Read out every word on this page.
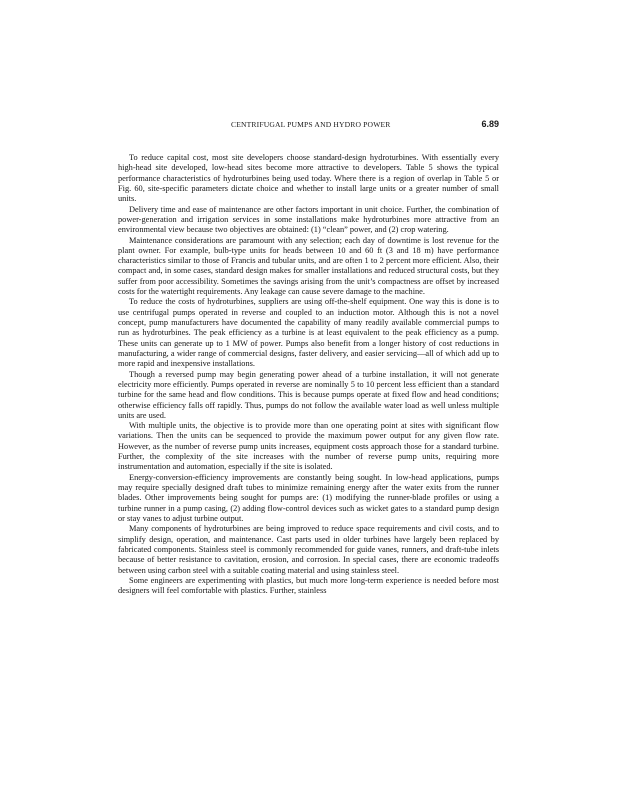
CENTRIFUGAL PUMPS AND HYDRO POWER	6.89

To reduce capital cost, most site developers choose standard-design hydroturbines. With essentially every high-head site developed, low-head sites become more attractive to developers. Table 5 shows the typical performance characteristics of hydroturbines being used today. Where there is a region of overlap in Table 5 or Fig. 60, site-specific parameters dictate choice and whether to install large units or a greater number of small units.

Delivery time and ease of maintenance are other factors important in unit choice. Further, the combination of power-generation and irrigation services in some installations make hydroturbines more attractive from an environmental view because two objectives are obtained: (1) “clean” power, and (2) crop watering.

Maintenance considerations are paramount with any selection; each day of downtime is lost revenue for the plant owner. For example, bulb-type units for heads between 10 and 60 ft (3 and 18 m) have performance characteristics similar to those of Francis and tubular units, and are often 1 to 2 percent more efficient. Also, their compact and, in some cases, standard design makes for smaller installations and reduced structural costs, but they suffer from poor accessibility. Sometimes the savings arising from the unit’s compactness are offset by increased costs for the watertight requirements. Any leakage can cause severe damage to the machine.

To reduce the costs of hydroturbines, suppliers are using off-the-shelf equipment. One way this is done is to use centrifugal pumps operated in reverse and coupled to an induction motor. Although this is not a novel concept, pump manufacturers have documented the capability of many readily available commercial pumps to run as hydroturbines. The peak efficiency as a turbine is at least equivalent to the peak efficiency as a pump. These units can generate up to 1 MW of power. Pumps also benefit from a longer history of cost reductions in manufacturing, a wider range of commercial designs, faster delivery, and easier servicing—all of which add up to more rapid and inexpensive installations.

Though a reversed pump may begin generating power ahead of a turbine installation, it will not generate electricity more efficiently. Pumps operated in reverse are nominally 5 to 10 percent less efficient than a standard turbine for the same head and flow conditions. This is because pumps operate at fixed flow and head conditions; otherwise efficiency falls off rapidly. Thus, pumps do not follow the available water load as well unless multiple units are used.

With multiple units, the objective is to provide more than one operating point at sites with significant flow variations. Then the units can be sequenced to provide the maximum power output for any given flow rate. However, as the number of reverse pump units increases, equipment costs approach those for a standard turbine. Further, the complexity of the site increases with the number of reverse pump units, requiring more instrumentation and automation, especially if the site is isolated.

Energy-conversion-efficiency improvements are constantly being sought. In low-head applications, pumps may require specially designed draft tubes to minimize remaining energy after the water exits from the runner blades. Other improvements being sought for pumps are: (1) modifying the runner-blade profiles or using a turbine runner in a pump casing, (2) adding flow-control devices such as wicket gates to a standard pump design or stay vanes to adjust turbine output.

Many components of hydroturbines are being improved to reduce space requirements and civil costs, and to simplify design, operation, and maintenance. Cast parts used in older turbines have largely been replaced by fabricated components. Stainless steel is commonly recommended for guide vanes, runners, and draft-tube inlets because of better resistance to cavitation, erosion, and corrosion. In special cases, there are economic tradeoffs between using carbon steel with a suitable coating material and using stainless steel.

Some engineers are experimenting with plastics, but much more long-term experience is needed before most designers will feel comfortable with plastics. Further, stainless
